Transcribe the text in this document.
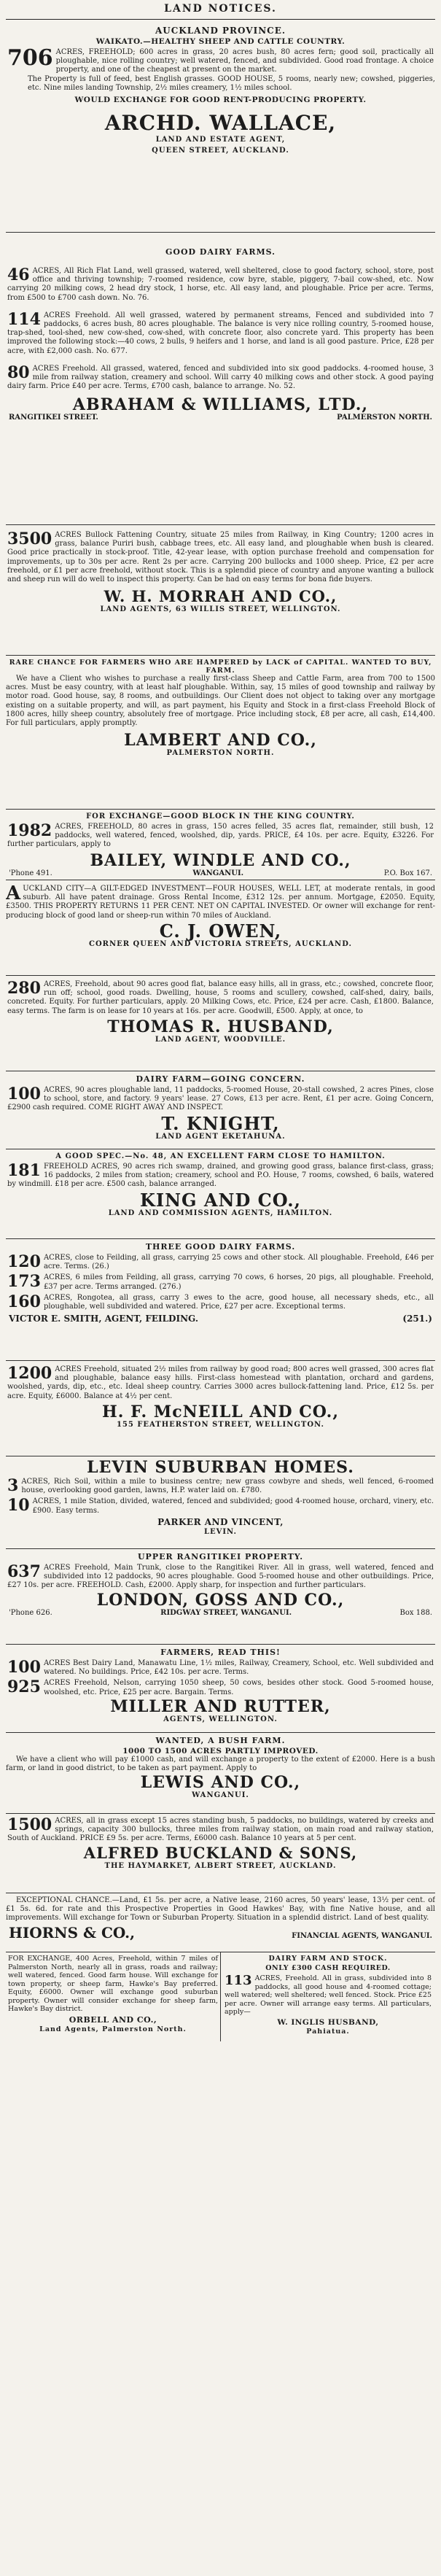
LAND NOTICES.
AUCKLAND PROVINCE.
WAIKATO.—HEALTHY SHEEP AND CATTLE COUNTRY.
706 ACRES, FREEHOLD; 600 acres in grass, 20 acres bush, 80 acres fern; good soil, practically all ploughable, nice rolling country; well watered, fenced, and subdivided. Good road frontage. A choice property, and one of the cheapest at present on the market.

The Property is full of feed, best English grasses. GOOD HOUSE, 5 rooms, nearly new; cowshed, piggeries, etc. Nine miles landing Township, 2½ miles creamery, 1½ miles school.

WOULD EXCHANGE FOR GOOD RENT-PRODUCING PROPERTY.
ARCHD. WALLACE,
LAND AND ESTATE AGENT,
QUEEN STREET, AUCKLAND.
GOOD DAIRY FARMS.
46 ACRES, All Rich Flat Land, well grassed, watered, well sheltered, close to good factory, school, store, post office and thriving township; 7-roomed residence, cow byre, stable, piggery, 7-bail cow-shed, etc. Now carrying 20 milking cows, 2 head dry stock, 1 horse, etc. All easy land, and ploughable. Price per acre. Terms, from £500 to £700 cash down. No. 76.
114 ACRES Freehold. All well grassed, watered by permanent streams, Fenced and subdivided into 7 paddocks, 6 acres bush, 80 acres ploughable. The balance is very nice rolling country, 5-roomed house, trap-shed, tool-shed, new cow-shed, cow-shed, with concrete floor, also concrete yard. This property has been improved the following stock:—40 cows, 2 bulls, 9 heifers and 1 horse, and land is all good pasture. Price, £28 per acre, with £2,000 cash. No. 677.
80 ACRES Freehold. All grassed, watered, fenced and subdivided into six good paddocks. 4-roomed house, 3 mile from railway station, creamery and school. Will carry 40 milking cows and other stock. A good paying dairy farm. Price £40 per acre. Terms, £700 cash, balance to arrange. No. 52.
ABRAHAM & WILLIAMS, LTD.,
RANGITIKEI STREET.	PALMERSTON NORTH.
3500 ACRES Bullock Fattening Country, situate 25 miles from Railway, in King Country; 1200 acres in grass, balance Puriri bush, cabbage trees, etc. All easy land, and ploughable when bush is cleared. Good price practically in stock-proof. Title, 42-year lease, with option purchase freehold and compensation for improvements, up to 30s per acre. Rent 2s per acre. Carrying 200 bullocks and 1000 sheep. Price, £2 per acre freehold, or £1 per acre freehold, without stock. This is a splendid piece of country and anyone wanting a bullock and sheep run will do well to inspect this property. Can be had on easy terms for bona fide buyers.
W. H. MORRAH AND CO.,
LAND AGENTS, 63 WILLIS STREET, WELLINGTON.
RARE CHANCE FOR FARMERS WHO ARE HAMPERED by LACK of CAPITAL. WANTED TO BUY, FARM.

We have a Client who wishes to purchase a really first-class Sheep and Cattle Farm, area from 700 to 1500 acres. Must be easy country, with at least half ploughable. Within, say, 15 miles of good township and railway by motor road. Good house, say, 8 rooms, and outbuildings. Our Client does not object to taking over any mortgage existing on a suitable property, and will, as part payment, his Equity and Stock in a first-class Freehold Block of 1800 acres, hilly sheep country, absolutely free of mortgage. Price including stock, £8 per acre, all cash, £14,400. For full particulars, apply promptly.

LAMBERT AND CO.,
PALMERSTON NORTH.
FOR EXCHANGE—GOOD BLOCK IN THE KING COUNTRY.
1982 ACRES, FREEHOLD, 80 acres in grass, 150 acres felled, 35 acres flat, remainder, still bush, 12 paddocks, well watered, fenced, woolshed, dip, yards. PRICE, £4 10s. per acre. Equity, £3226. For further particulars, apply to
BAILEY, WINDLE AND CO.,
'Phone 491.	WANGANUI.	P.O. Box 167.

AUCKLAND CITY—A GILT-EDGED INVESTMENT—FOUR HOUSES, WELL LET, at moderate rentals, in good suburb. All have patent drainage. Gross Rental Income, £312 12s. per annum. Mortgage, £2050. Equity, £3500. THIS PROPERTY RETURNS 11 PER CENT. NET ON CAPITAL INVESTED. Or owner will exchange for rent-producing block of good land or sheep-run within 70 miles of Auckland.

C. J. OWEN,
CORNER QUEEN AND VICTORIA STREETS, AUCKLAND.
280 ACRES, Freehold, about 90 acres good flat, balance easy hills, all in grass, etc.; cowshed, concrete floor, run off; school, good roads. Dwelling, house, 5 rooms and scullery, cowshed, calf-shed, dairy, bails, concreted. Equity. For further particulars, apply. 20 Milking Cows, etc. Price, £24 per acre. Cash, £1800. Balance, easy terms. The farm is on lease for 10 years at 16s. per acre. Goodwill, £500. Apply, at once, to
THOMAS R. HUSBAND,
LAND AGENT, WOODVILLE.
DAIRY FARM—GOING CONCERN.
100 ACRES, 90 acres ploughable land, 11 paddocks, 5-roomed House, 20-stall cowshed, 2 acres Pines, close to school, store, and factory. 9 years' lease. 27 Cows, £13 per acre. Rent, £1 per acre. Going Concern, £2900 cash required. COME RIGHT AWAY AND INSPECT.
T. KNIGHT,
LAND AGENT EKETAHUNA.
A GOOD SPEC.—No. 48, AN EXCELLENT FARM CLOSE TO HAMILTON.
181 FREEHOLD ACRES, 90 acres rich swamp, drained, and growing good grass, balance first-class, grass; 16 paddocks, 2 miles from station; creamery, school and P.O. House, 7 rooms, cowshed, 6 bails, watered by windmill. £18 per acre. £500 cash, balance arranged.
KING AND CO.,
LAND AND COMMISSION AGENTS, HAMILTON.
THREE GOOD DAIRY FARMS.
120 ACRES, close to Feilding, all grass, carrying 25 cows and other stock. All ploughable. Freehold, £46 per acre. Terms. (26.)
173 ACRES, 6 miles from Feilding, all grass, carrying 70 cows, 6 horses, 20 pigs, all ploughable. Freehold, £37 per acre. Terms arranged. (276.)
160 ACRES, Rongotea, all grass, carry 3 ewes to the acre, good house, all necessary sheds, etc., all ploughable, well subdivided and watered. Price, £27 per acre. Exceptional terms.
VICTOR E. SMITH, AGENT, FEILDING.	(251.)
1200 ACRES Freehold, situated 2½ miles from railway by good road; 800 acres well grassed, 300 acres flat and ploughable, balance easy hills. First-class homestead with plantation, orchard and gardens, woolshed, yards, dip, etc., etc. Ideal sheep country. Carries 3000 acres bullock-fattening land. Price, £12 5s. per acre. Equity, £6000. Balance at 4½ per cent.
H. F. McNEILL AND CO.,
155 FEATHERSTON STREET, WELLINGTON.
LEVIN SUBURBAN HOMES.
3 ACRES, Rich Soil, within a mile to business centre; new grass cowbyre and sheds, well fenced, 6-roomed house, overlooking good garden, lawns, H.P. water laid on. £780.
10 ACRES, 1 mile Station, divided, watered, fenced and subdivided; good 4-roomed house, orchard, vinery, etc. £900. Easy terms.
PARKER AND VINCENT,
LEVIN.
UPPER RANGITIKEI PROPERTY.
637 ACRES Freehold, Main Trunk, close to the Rangitikei River. All in grass, well watered, fenced and subdivided into 12 paddocks, 90 acres ploughable. Good 5-roomed house and other outbuildings. Price, £27 10s. per acre. FREEHOLD. Cash, £2000. Apply sharp, for inspection and further particulars.
LONDON, GOSS AND CO.,
'Phone 626.	RIDGWAY STREET, WANGANUI.	Box 188.
FARMERS, READ THIS!
100 ACRES Best Dairy Land, Manawatu Line, 1½ miles, Railway, Creamery, School, etc. Well subdivided and watered. No buildings. Price, £42 10s. per acre. Terms.
925 ACRES Freehold, Nelson, carrying 1050 sheep, 50 cows, besides other stock. Good 5-roomed house, woolshed, etc. Price, £25 per acre. Bargain. Terms.
MILLER AND RUTTER,
AGENTS, WELLINGTON.
WANTED, A BUSH FARM.
1000 TO 1500 ACRES PARTLY IMPROVED.

We have a client who will pay £1000 cash, and will exchange a property to the extent of £2000. Here is a bush farm, or land in good district, to be taken as part payment. Apply to

LEWIS AND CO.,
WANGANUI.
1500 ACRES, all in grass except 15 acres standing bush, 5 paddocks, no buildings, watered by creeks and springs, capacity 300 bullocks, three miles from railway station, on main road and railway station, South of Auckland. PRICE £9 5s. per acre. Terms, £6000 cash. Balance 10 years at 5 per cent.
ALFRED BUCKLAND & SONS,
THE HAYMARKET, ALBERT STREET, AUCKLAND.

EXCEPTIONAL CHANCE.—Land, £1 5s. per acre, a Native lease, 2160 acres, 50 years' lease, 13½ per cent. of £1 5s. 6d. for rate and this Prospective Properties in Good Hawkes' Bay, with fine Native house, and all improvements. Will exchange for Town or Suburban Property. Situation in a splendid district. Land of best quality.

HIORNS & CO.,	FINANCIAL AGENTS, WANGANUI.

FOR EXCHANGE, 400 Acres, Freehold, within 7 miles of Palmerston North, nearly all in grass, roads and railway; well watered, fenced. Good farm house. Will exchange for town property, or sheep farm, Hawke's Bay preferred. Equity, £6000. Owner will exchange good suburban property. Owner will consider exchange for sheep farm, Hawke's Bay district.

ORBELL AND CO.,
Land Agents, Palmerston North.
DAIRY FARM AND STOCK.
ONLY £300 CASH REQUIRED.
113 ACRES, Freehold. All in grass, subdivided into 8 paddocks, all good house and 4-roomed cottage; well watered; well sheltered; well fenced. Stock. Price £25 per acre. Owner will arrange easy terms. All particulars, apply—
W. INGLIS HUSBAND,
Pahiatua.
